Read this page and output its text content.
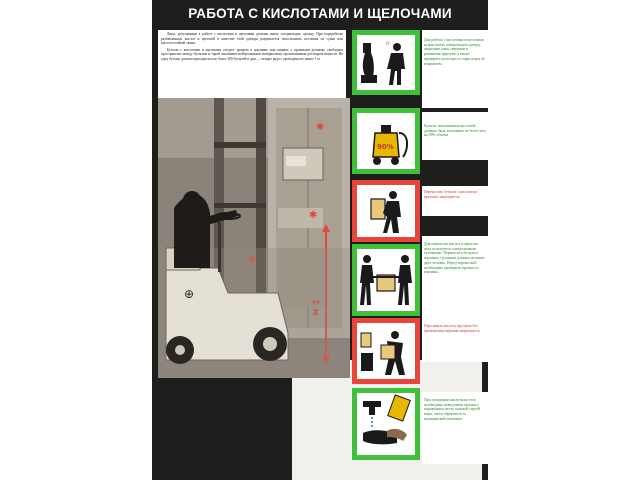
РАБОТА С КИСЛОТАМИ И ЩЕЛОЧАМИ

Лица, допущенные к работе с кислотами и щелочами должны иметь специальную одежду. При переработке разбавленных кислот и щелочей в качестве этой одежды разрешается использовать костюмы из сукна или кислотостойкой ткани.

Бутыли с кислотами и щелочами следует хранить в корзинах или ящиках с прочными ручками, свободное пространство между бутылью и тарой заполняют нейтральными материалами, пропитанными раствором веществ. На одну бутыль должно приходиться не более 300 бутылей в дни — четыре ряда с проходами не менее 1 м.

✱
✱
✱
1 м
⊕
☆	Для работы с кислотами и щелочами нужно иметь специальную одежду, защитные очки, перчатки и резиновые фартуки, а также проверять целостность тары перед её вскрытием.
90%
Бутыли, наполненные кислотой, должны быть заполнены не более чем на 90% объёма.
Переносить бутыли с кислотами вручную запрещается.
Для переноски кислот в пределах цеха пользуются специальными тележками. Переносить бутыли в корзинах с ручками должны не менее двух человек. Перед переноской необходимо проверить прочность корзины.
Переливать кислоту вручную без применения сифонов запрещается.
При попадании кислоты на тело необходимо немедленно промыть поражённое место сильной струёй воды, затем обратиться за медицинской помощью.
